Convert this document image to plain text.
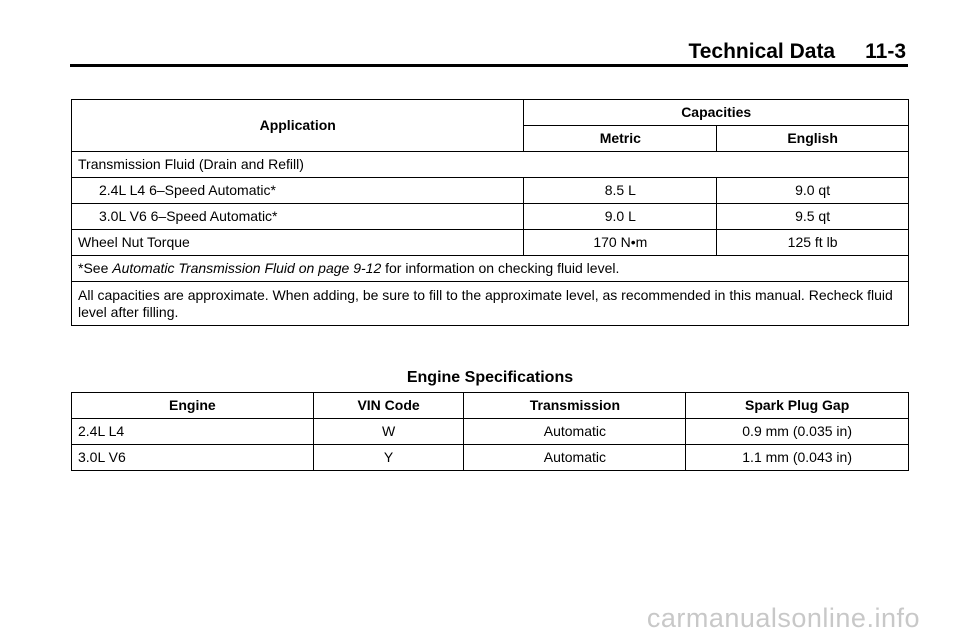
Technical Data 11-3
Application	Capacities	
	Metric	English
Transmission Fluid (Drain and Refill)		
2.4L L4 6–Speed Automatic*	8.5 L	9.0 qt
3.0L V6 6–Speed Automatic*	9.0 L	9.5 qt
Wheel Nut Torque	170 N•m	125 ft lb
*See Automatic Transmission Fluid on page 9-12 for information on checking fluid level.		
All capacities are approximate. When adding, be sure to fill to the approximate level, as recommended in this manual. Recheck fluid level after filling.		
Engine Specifications
Engine	VIN Code	Transmission	Spark Plug Gap
2.4L L4	W	Automatic	0.9 mm (0.035 in)
3.0L V6	Y	Automatic	1.1 mm (0.043 in)
carmanualsonline.info
